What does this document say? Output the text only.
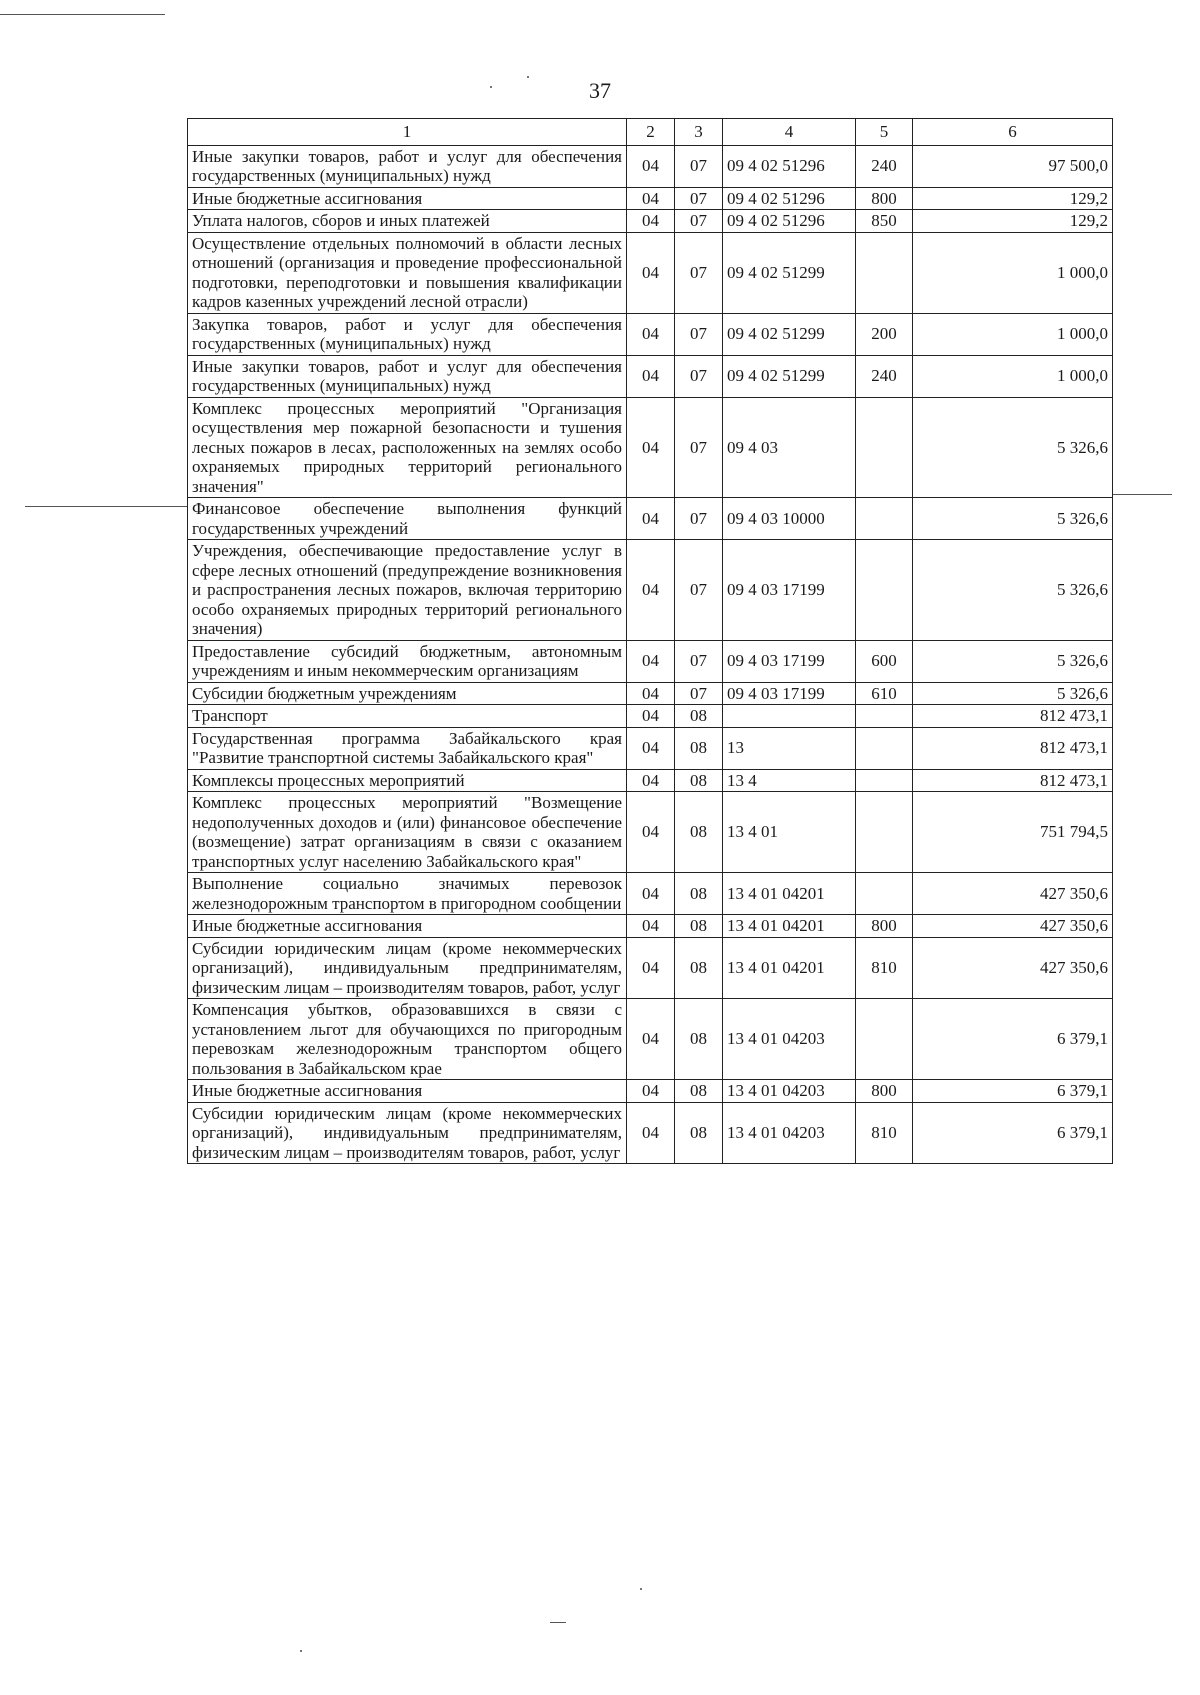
37
1	2	3	4	5	6
Иные закупки товаров, работ и услуг для обеспечения государственных (муниципальных) нужд	04	07	09 4 02 51296	240	97 500,0
Иные бюджетные ассигнования	04	07	09 4 02 51296	800	129,2
Уплата налогов, сборов и иных платежей	04	07	09 4 02 51296	850	129,2
Осуществление отдельных полномочий в области лесных отношений (организация и проведение профессиональной подготовки, переподготовки и повышения квалификации кадров казенных учреждений лесной отрасли)	04	07	09 4 02 51299		1 000,0
Закупка товаров, работ и услуг для обеспечения государственных (муниципальных) нужд	04	07	09 4 02 51299	200	1 000,0
Иные закупки товаров, работ и услуг для обеспечения государственных (муниципальных) нужд	04	07	09 4 02 51299	240	1 000,0
Комплекс процессных мероприятий "Организация осуществления мер пожарной безопасности и тушения лесных пожаров в лесах, расположенных на землях особо охраняемых природных территорий регионального значения"	04	07	09 4 03		5 326,6
Финансовое обеспечение выполнения функций государственных учреждений	04	07	09 4 03 10000		5 326,6
Учреждения, обеспечивающие предоставление услуг в сфере лесных отношений (предупреждение возникновения и распространения лесных пожаров, включая территорию особо охраняемых природных территорий регионального значения)	04	07	09 4 03 17199		5 326,6
Предоставление субсидий бюджетным, автономным учреждениям и иным некоммерческим организациям	04	07	09 4 03 17199	600	5 326,6
Субсидии бюджетным учреждениям	04	07	09 4 03 17199	610	5 326,6
Транспорт	04	08			812 473,1
Государственная программа Забайкальского края "Развитие транспортной системы Забайкальского края"	04	08	13		812 473,1
Комплексы процессных мероприятий	04	08	13 4		812 473,1
Комплекс процессных мероприятий "Возмещение недополученных доходов и (или) финансовое обеспечение (возмещение) затрат организациям в связи с оказанием транспортных услуг населению Забайкальского края"	04	08	13 4 01		751 794,5
Выполнение социально значимых перевозок железнодорожным транспортом в пригородном сообщении	04	08	13 4 01 04201		427 350,6
Иные бюджетные ассигнования	04	08	13 4 01 04201	800	427 350,6
Субсидии юридическим лицам (кроме некоммерческих организаций), индивидуальным предпринимателям, физическим лицам – производителям товаров, работ, услуг	04	08	13 4 01 04201	810	427 350,6
Компенсация убытков, образовавшихся в связи с установлением льгот для обучающихся по пригородным перевозкам железнодорожным транспортом общего пользования в Забайкальском крае	04	08	13 4 01 04203		6 379,1
Иные бюджетные ассигнования	04	08	13 4 01 04203	800	6 379,1
Субсидии юридическим лицам (кроме некоммерческих организаций), индивидуальным предпринимателям, физическим лицам – производителям товаров, работ, услуг	04	08	13 4 01 04203	810	6 379,1
